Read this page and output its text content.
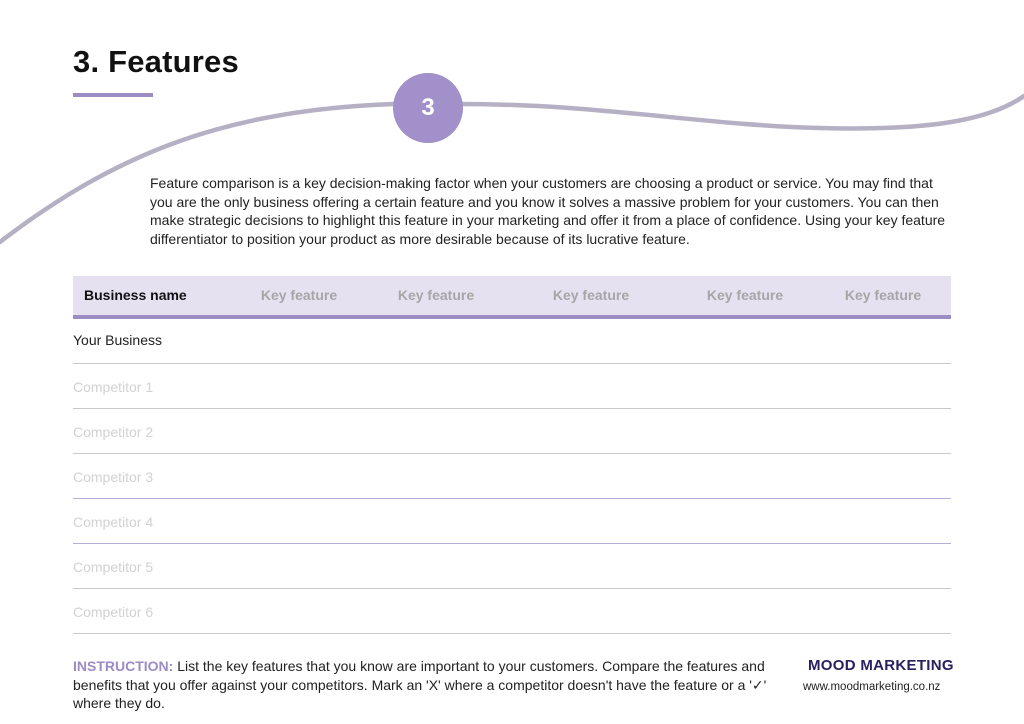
3. Features
3

Feature comparison is a key decision-making factor when your customers are choosing a product or service. You may find that you are the only business offering a certain feature and you know it solves a massive problem for your customers. You can then make strategic decisions to highlight this feature in your marketing and offer it from a place of confidence. Using your key feature differentiator to position your product as more desirable because of its lucrative feature.

Business name	Key feature	Key feature	Key feature	Key feature	Key feature
Your Business
Competitor 1
Competitor 2
Competitor 3
Competitor 4
Competitor 5
Competitor 6

INSTRUCTION: List the key features that you know are important to your customers. Compare the features and benefits that you offer against your competitors. Mark an 'X' where a competitor doesn't have the feature or a '✓' where they do.

MOOD MARKETING
www.moodmarketing.co.nz
